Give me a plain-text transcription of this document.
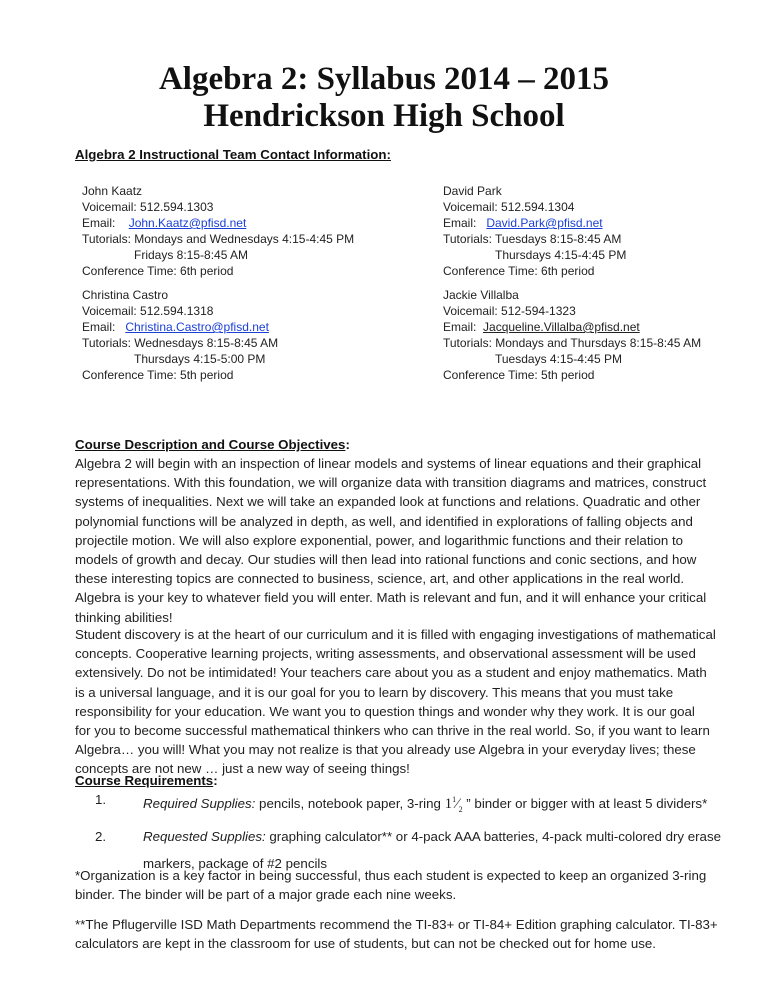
Algebra 2: Syllabus 2014 – 2015
Hendrickson High School
Algebra 2 Instructional Team Contact Information:
John Kaatz
Voicemail: 512.594.1303
Email:    John.Kaatz@pfisd.net
Tutorials: Mondays and Wednesdays 4:15-4:45 PM
Fridays 8:15-8:45 AM
Conference Time: 6th period
David Park
Voicemail: 512.594.1304
Email:   David.Park@pfisd.net
Tutorials: Tuesdays 8:15-8:45 AM
Thursdays 4:15-4:45 PM
Conference Time: 6th period
Christina Castro
Voicemail: 512.594.1318
Email:   Christina.Castro@pfisd.net
Tutorials: Wednesdays 8:15-8:45 AM
Thursdays 4:15-5:00 PM
Conference Time: 5th period
Jackie Villalba
Voicemail: 512-594-1323
Email:  Jacqueline.Villalba@pfisd.net
Tutorials: Mondays and Thursdays 8:15-8:45 AM
Tuesdays 4:15-4:45 PM
Conference Time: 5th period
Course Description and Course Objectives:
Algebra 2 will begin with an inspection of linear models and systems of linear equations and their graphical
representations. With this foundation, we will organize data with transition diagrams and matrices, construct
systems of inequalities. Next we will take an expanded look at functions and relations. Quadratic and other
polynomial functions will be analyzed in depth, as well, and identified in explorations of falling objects and
projectile motion. We will also explore exponential, power, and logarithmic functions and their relation to
models of growth and decay. Our studies will then lead into rational functions and conic sections, and how
these interesting topics are connected to business, science, art, and other applications in the real world.
Algebra is your key to whatever field you will enter. Math is relevant and fun, and it will enhance your critical
thinking abilities!
Student discovery is at the heart of our curriculum and it is filled with engaging investigations of mathematical
concepts. Cooperative learning projects, writing assessments, and observational assessment will be used
extensively. Do not be intimidated! Your teachers care about you as a student and enjoy mathematics. Math
is a universal language, and it is our goal for you to learn by discovery. This means that you must take
responsibility for your education. We want you to question things and wonder why they work. It is our goal
for you to become successful mathematical thinkers who can thrive in the real world. So, if you want to learn
Algebra… you will! What you may not realize is that you already use Algebra in your everyday lives; these
concepts are not new … just a new way of seeing things!
Course Requirements:
1.	Required Supplies: pencils, notebook paper, 3-ring $1^1⁄_2$ ” binder or bigger with at least 5 dividers*
2.	Requested Supplies: graphing calculator** or 4-pack AAA batteries, 4-pack multi-colored dry erase
markers, package of #2 pencils
*Organization is a key factor in being successful, thus each student is expected to keep an organized 3-ring
binder. The binder will be part of a major grade each nine weeks.
**The Pflugerville ISD Math Departments recommend the TI-83+ or TI-84+ Edition graphing calculator. TI-83+
calculators are kept in the classroom for use of students, but can not be checked out for home use.
